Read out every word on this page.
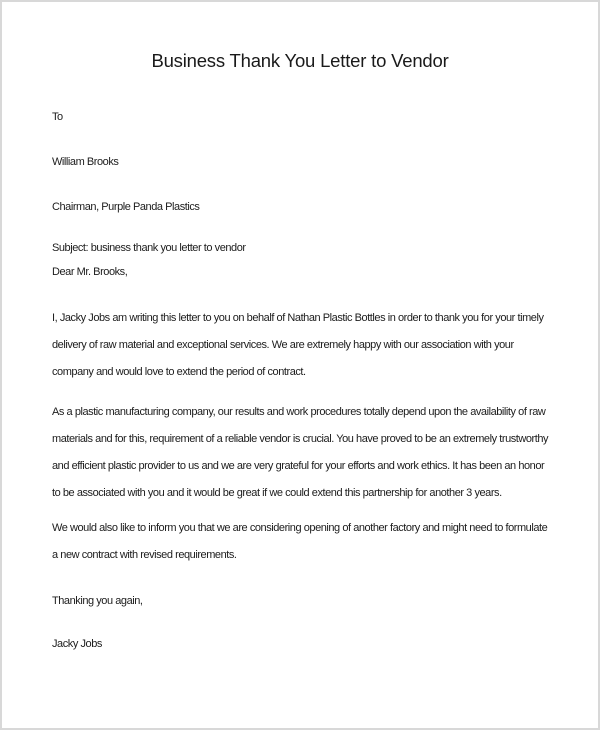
Business Thank You Letter to Vendor

To

William Brooks

Chairman, Purple Panda Plastics

Subject: business thank you letter to vendor

Dear Mr. Brooks,

I, Jacky Jobs am writing this letter to you on behalf of Nathan Plastic Bottles in order to thank you for your timely delivery of raw material and exceptional services. We are extremely happy with our association with your company and would love to extend the period of contract.

As a plastic manufacturing company, our results and work procedures totally depend upon the availability of raw materials and for this, requirement of a reliable vendor is crucial. You have proved to be an extremely trustworthy and efficient plastic provider to us and we are very grateful for your efforts and work ethics. It has been an honor to be associated with you and it would be great if we could extend this partnership for another 3 years.

We would also like to inform you that we are considering opening of another factory and might need to formulate a new contract with revised requirements.

Thanking you again,

Jacky Jobs
